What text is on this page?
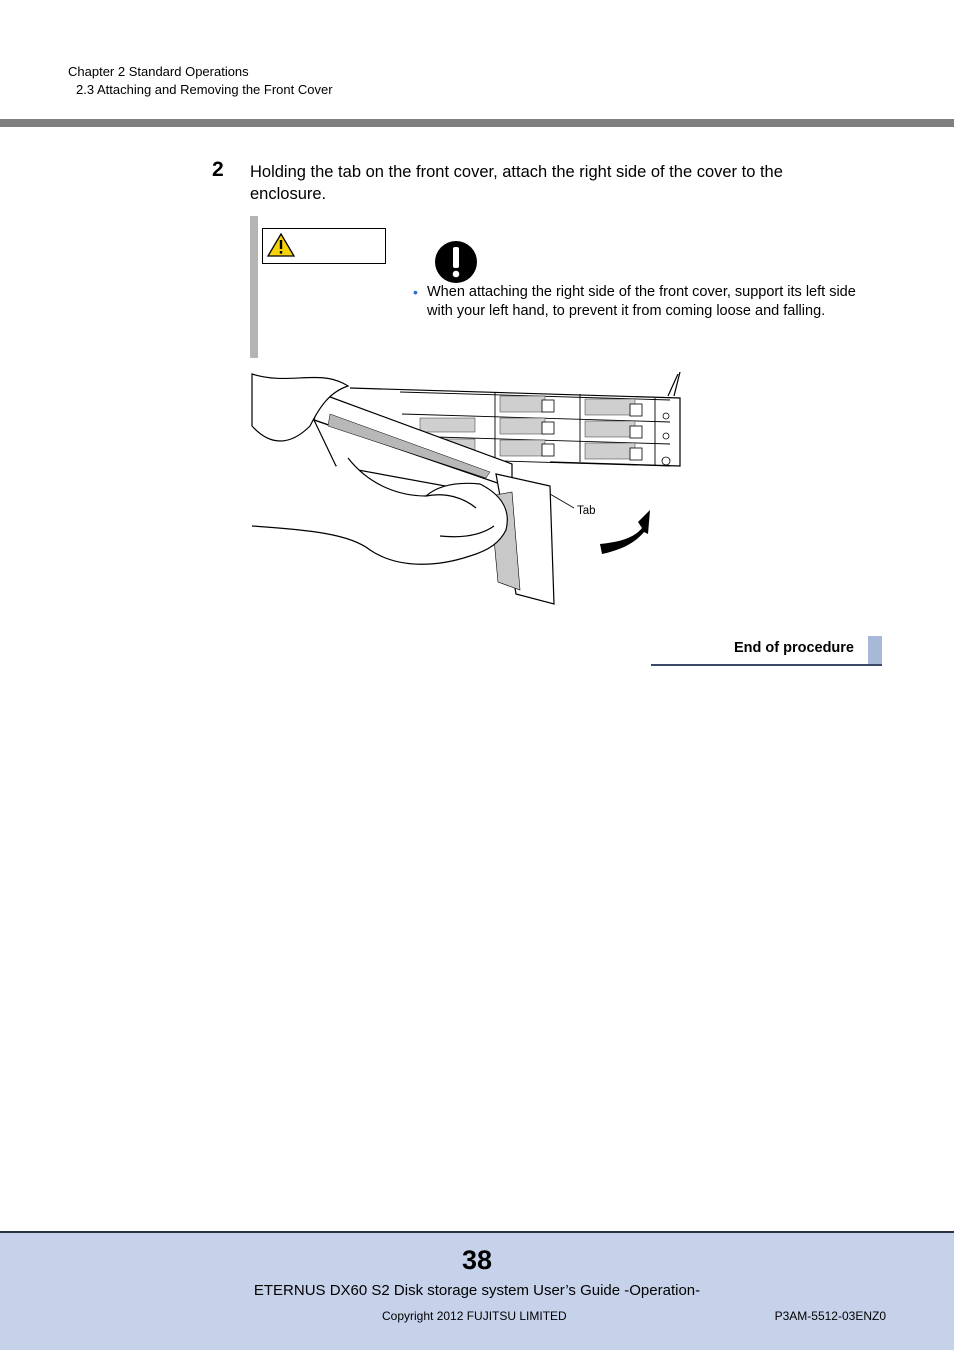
Chapter 2 Standard Operations
2.3 Attaching and Removing the Front Cover
2 Holding the tab on the front cover, attach the right side of the cover to the enclosure.
• When attaching the right side of the front cover, support its left side with your left hand, to prevent it from coming loose and falling.
Tab
End of procedure
38
ETERNUS DX60 S2 Disk storage system User’s Guide -Operation-
Copyright 2012 FUJITSU LIMITED	P3AM-5512-03ENZ0
